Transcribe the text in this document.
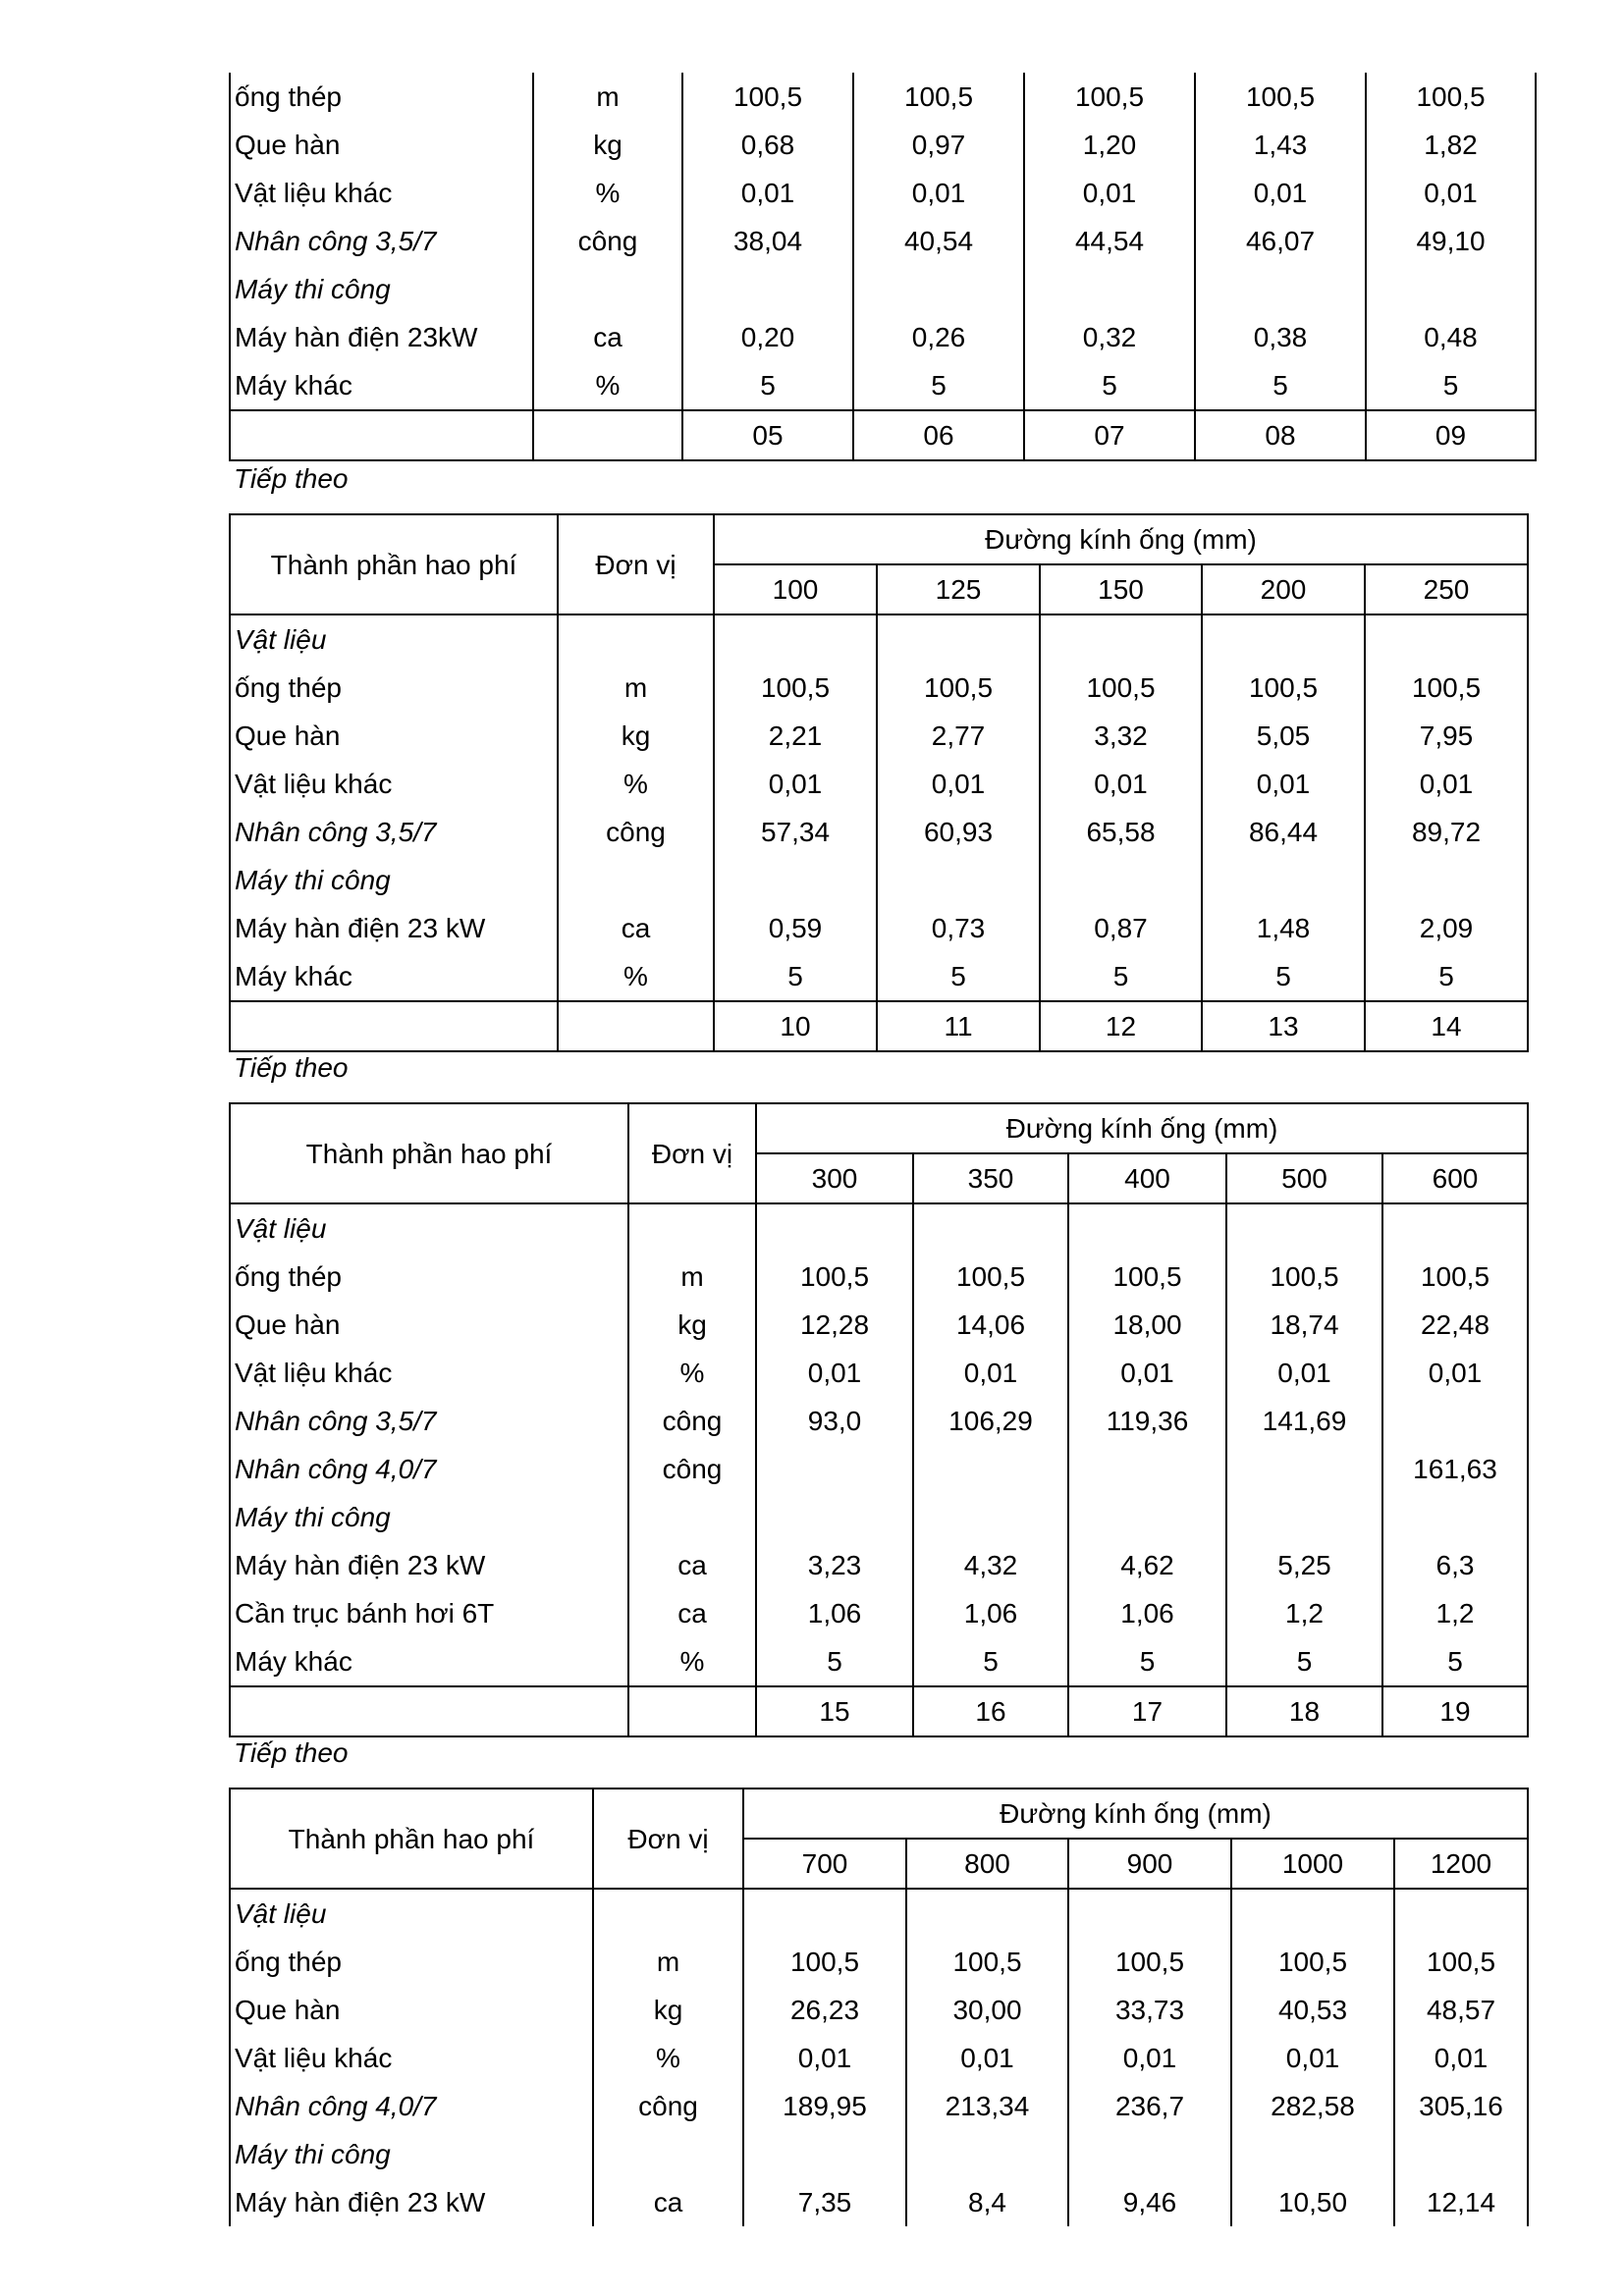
ống thép	m	100,5	100,5	100,5	100,5	100,5
Que hàn	kg	0,68	0,97	1,20	1,43	1,82
Vật liệu khác	%	0,01	0,01	0,01	0,01	0,01
Nhân công 3,5/7	công	38,04	40,54	44,54	46,07	49,10
Máy thi công						
Máy hàn điện 23kW	ca	0,20	0,26	0,32	0,38	0,48
Máy khác	%	5	5	5	5	5
		05	06	07	08	09
Tiếp theo
Thành phần hao phí	Đơn vị	Đường kính ống (mm)				
		100	125	150	200	250
Vật liệu						
ống thép	m	100,5	100,5	100,5	100,5	100,5
Que hàn	kg	2,21	2,77	3,32	5,05	7,95
Vật liệu khác	%	0,01	0,01	0,01	0,01	0,01
Nhân công 3,5/7	công	57,34	60,93	65,58	86,44	89,72
Máy thi công						
Máy hàn điện 23 kW	ca	0,59	0,73	0,87	1,48	2,09
Máy khác	%	5	5	5	5	5
		10	11	12	13	14
Tiếp theo
Thành phần hao phí	Đơn vị	Đường kính ống (mm)				
		300	350	400	500	600
Vật liệu						
ống thép	m	100,5	100,5	100,5	100,5	100,5
Que hàn	kg	12,28	14,06	18,00	18,74	22,48
Vật liệu khác	%	0,01	0,01	0,01	0,01	0,01
Nhân công 3,5/7	công	93,0	106,29	119,36	141,69	
Nhân công 4,0/7	công					161,63
Máy thi công						
Máy hàn điện 23 kW	ca	3,23	4,32	4,62	5,25	6,3
Cần trục bánh hơi 6T	ca	1,06	1,06	1,06	1,2	1,2
Máy khác	%	5	5	5	5	5
		15	16	17	18	19
Tiếp theo
Thành phần hao phí	Đơn vị	Đường kính ống (mm)				
		700	800	900	1000	1200
Vật liệu						
ống thép	m	100,5	100,5	100,5	100,5	100,5
Que hàn	kg	26,23	30,00	33,73	40,53	48,57
Vật liệu khác	%	0,01	0,01	0,01	0,01	0,01
Nhân công 4,0/7	công	189,95	213,34	236,7	282,58	305,16
Máy thi công						
Máy hàn điện 23 kW	ca	7,35	8,4	9,46	10,50	12,14
